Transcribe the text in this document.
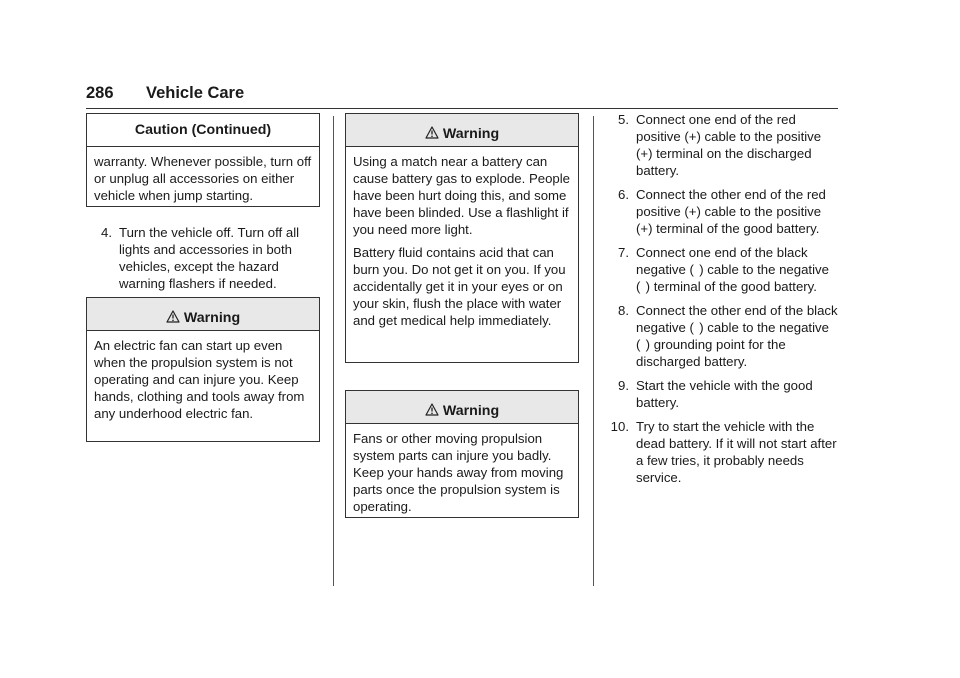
286 Vehicle Care
Caution (Continued)

warranty. Whenever possible, turn off or unplug all accessories on either vehicle when jump starting.

4. Turn the vehicle off. Turn off all lights and accessories in both vehicles, except the hazard warning flashers if needed.
Warning

An electric fan can start up even when the propulsion system is not operating and can injure you. Keep hands, clothing and tools away from any underhood electric fan.

Warning

Using a match near a battery can cause battery gas to explode. People have been hurt doing this, and some have been blinded. Use a flashlight if you need more light.

Battery fluid contains acid that can burn you. Do not get it on you. If you accidentally get it in your eyes or on your skin, flush the place with water and get medical help immediately.

Warning

Fans or other moving propulsion system parts can injure you badly. Keep your hands away from moving parts once the propulsion system is operating.

5. Connect one end of the red positive (+) cable to the positive (+) terminal on the discharged battery.
6. Connect the other end of the red positive (+) cable to the positive (+) terminal of the good battery.
7. Connect one end of the black negative (  ) cable to the negative (  ) terminal of the good battery.
8. Connect the other end of the black negative (  ) cable to the negative (  ) grounding point for the discharged battery.
9. Start the vehicle with the good battery.
10. Try to start the vehicle with the dead battery. If it will not start after a few tries, it probably needs service.
